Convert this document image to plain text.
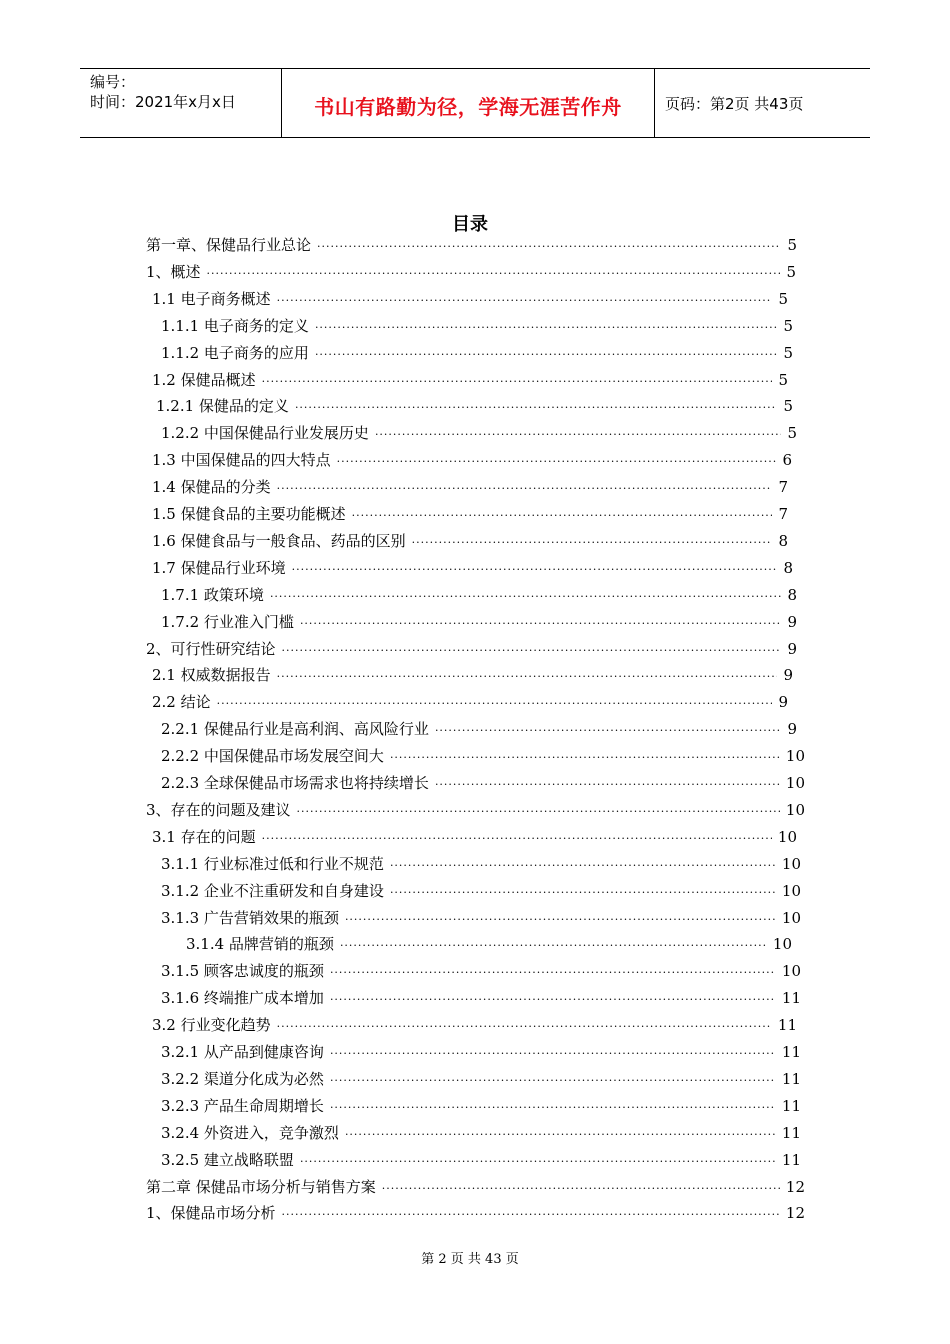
编号：
时间：2021年x月x日	书山有路勤为径，学海无涯苦作舟	页码：第2页 共43页
目录
第一章、保健品行业总论 ·····	5
1、概述 ·····	5
1.1 电子商务概述 ·····	5
1.1.1 电子商务的定义 ·····	5
1.1.2 电子商务的应用 ·····	5
1.2 保健品概述 ·····	5
1.2.1 保健品的定义 ·····	5
1.2.2 中国保健品行业发展历史 ·····	5
1.3 中国保健品的四大特点 ·····	6
1.4 保健品的分类 ·····	7
1.5 保健食品的主要功能概述 ·····	7
1.6 保健食品与一般食品、药品的区别 ·····	8
1.7 保健品行业环境 ·····	8
1.7.1 政策环境 ·····	8
1.7.2 行业准入门槛 ·····	9
2、可行性研究结论 ·····	9
2.1 权威数据报告 ·····	9
2.2 结论 ·····	9
2.2.1 保健品行业是高利润、高风险行业 ·····	9
2.2.2 中国保健品市场发展空间大 ·····	10
2.2.3 全球保健品市场需求也将持续增长 ·····	10
3、存在的问题及建议 ·····	10
3.1 存在的问题 ·····	10
3.1.1 行业标准过低和行业不规范 ·····	10
3.1.2 企业不注重研发和自身建设 ·····	10
3.1.3 广告营销效果的瓶颈 ·····	10
3.1.4 品牌营销的瓶颈 ·····	10
3.1.5 顾客忠诚度的瓶颈 ·····	10
3.1.6 终端推广成本增加 ·····	11
3.2 行业变化趋势 ·····	11
3.2.1 从产品到健康咨询 ·····	11
3.2.2 渠道分化成为必然 ·····	11
3.2.3 产品生命周期增长 ·····	11
3.2.4 外资进入，竞争激烈 ·····	11
3.2.5 建立战略联盟 ·····	11
第二章 保健品市场分析与销售方案 ·····	12
1、保健品市场分析 ·····	12
第 2 页 共 43 页
